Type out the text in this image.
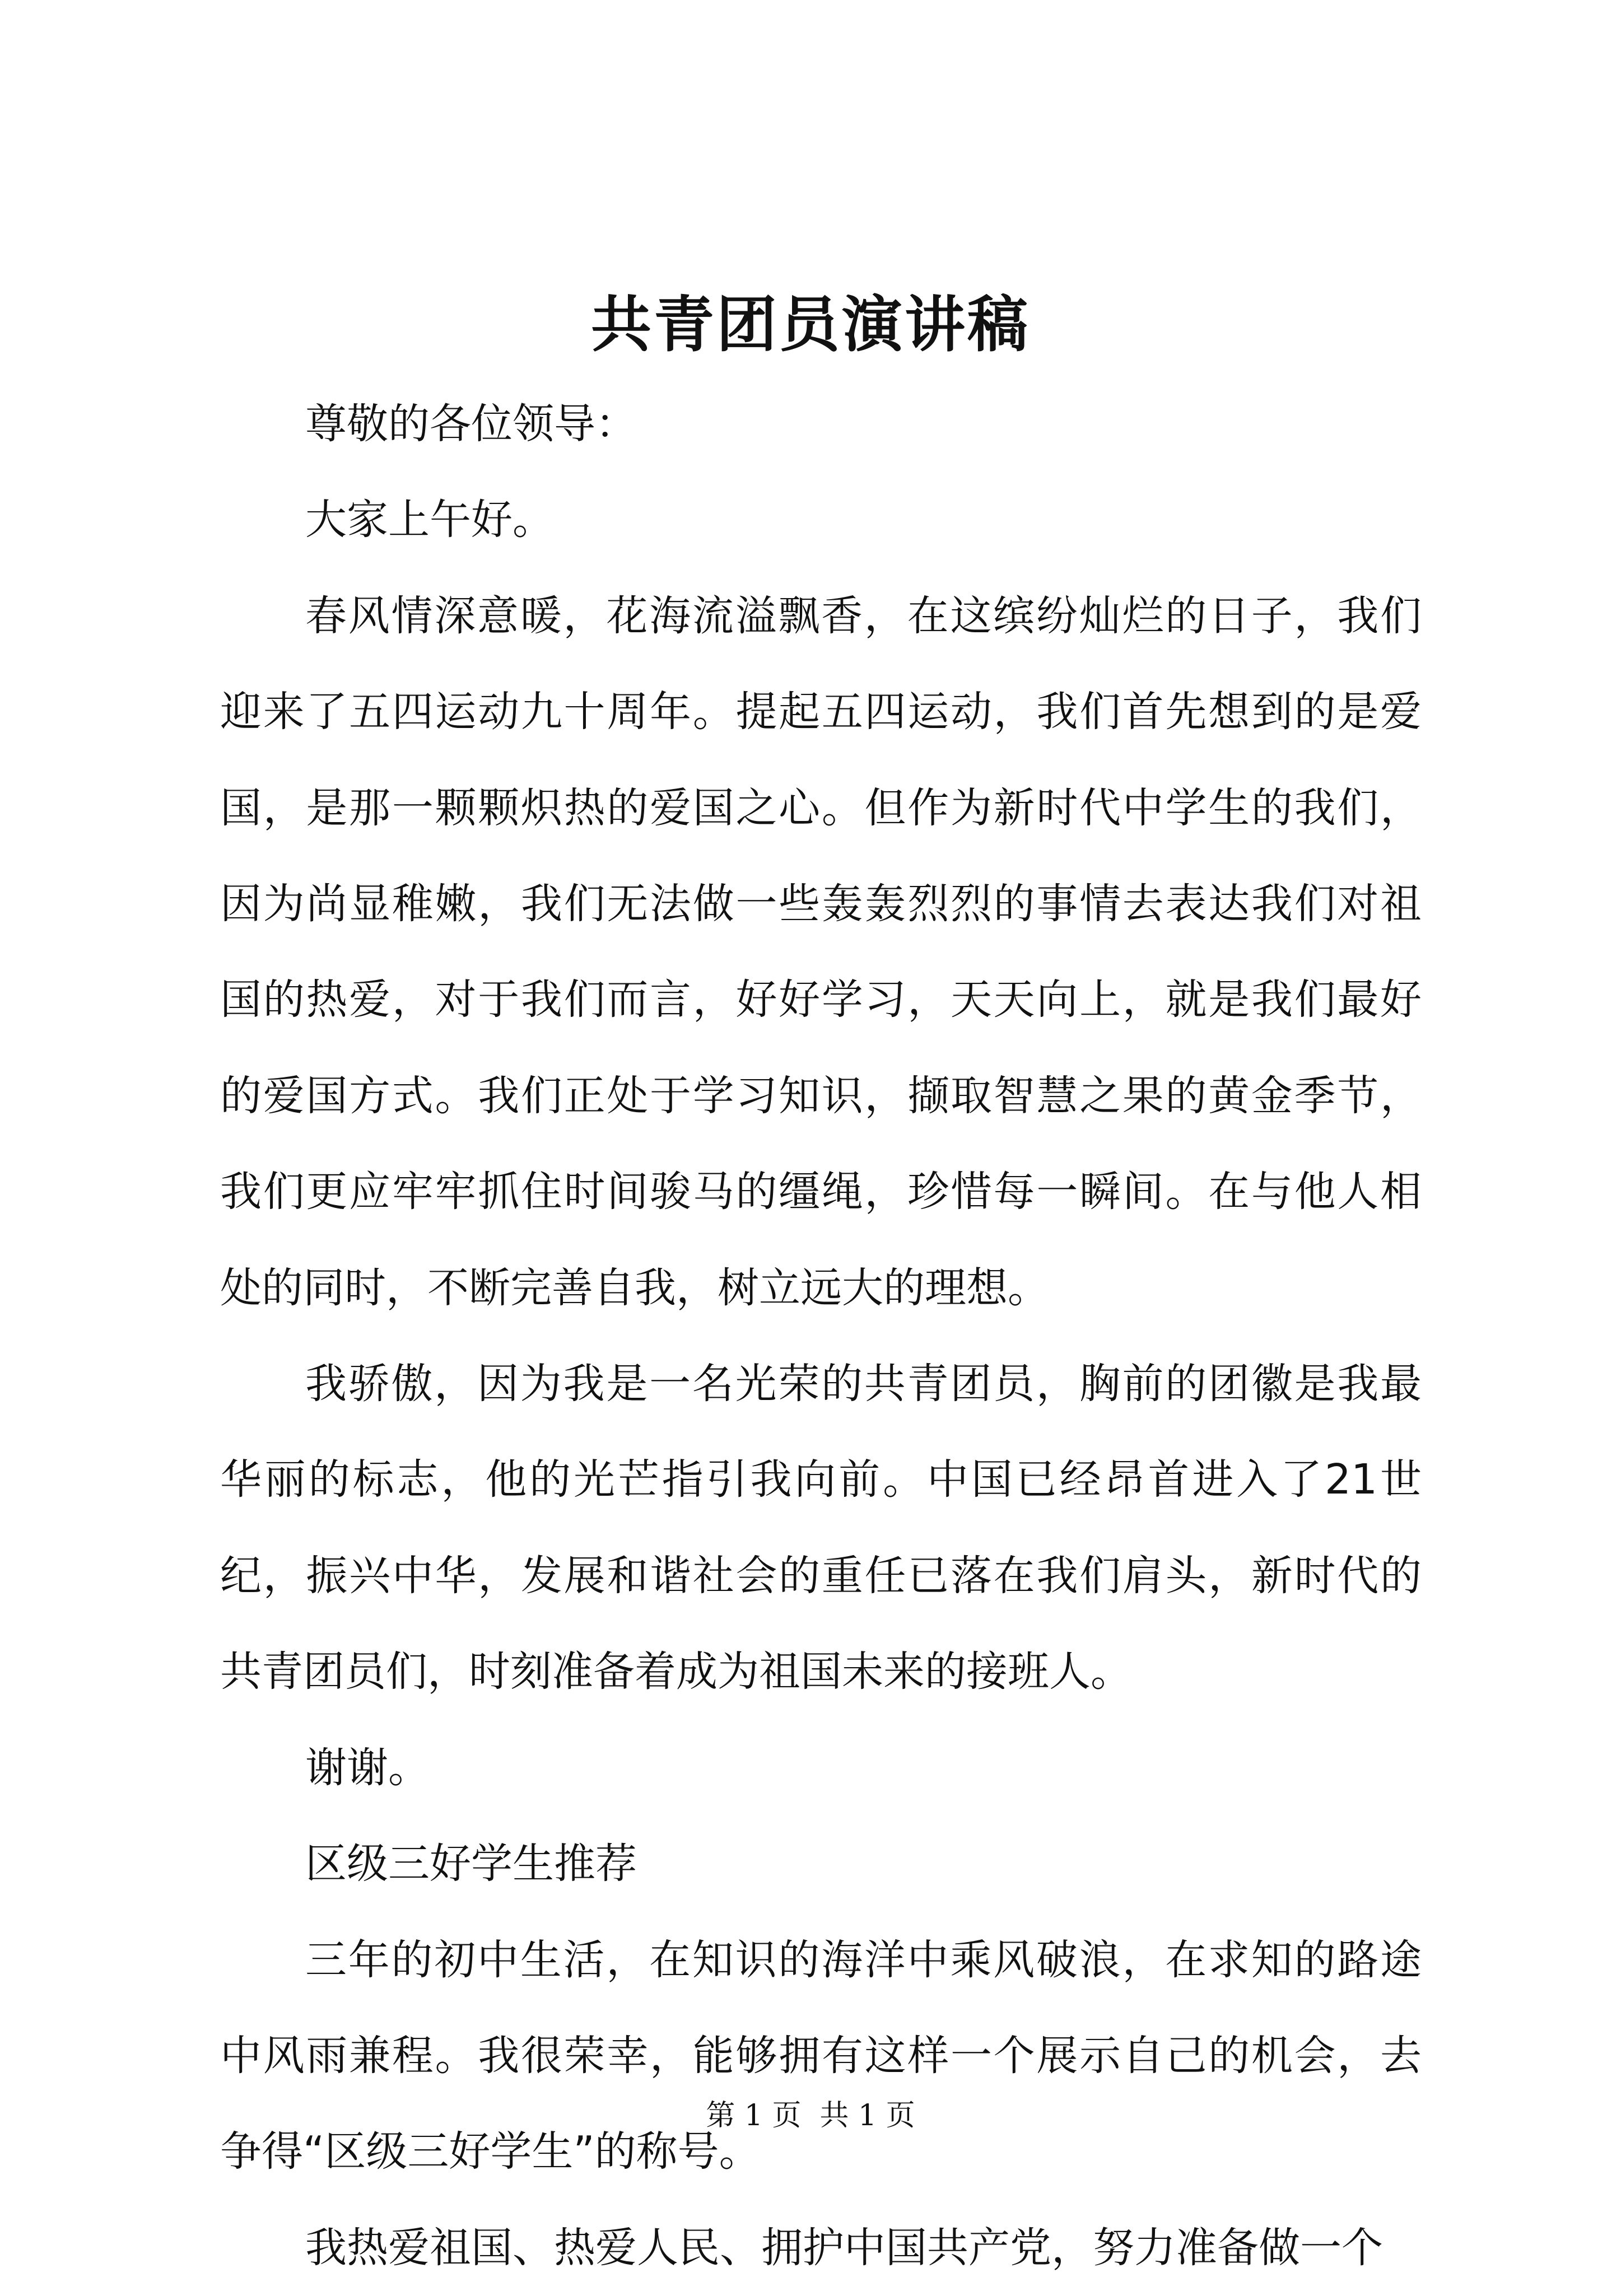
共青团员演讲稿

尊敬的各位领导：

大家上午好。

春风情深意暖，花海流溢飘香，在这缤纷灿烂的日子，我们迎来了五四运动九十周年。提起五四运动，我们首先想到的是爱国，是那一颗颗炽热的爱国之心。但作为新时代中学生的我们，因为尚显稚嫩，我们无法做一些轰轰烈烈的事情去表达我们对祖国的热爱，对于我们而言，好好学习，天天向上，就是我们最好的爱国方式。我们正处于学习知识，撷取智慧之果的黄金季节，我们更应牢牢抓住时间骏马的缰绳，珍惜每一瞬间。在与他人相处的同时，不断完善自我，树立远大的理想。

我骄傲，因为我是一名光荣的共青团员，胸前的团徽是我最华丽的标志，他的光芒指引我向前。中国已经昂首进入了21世纪，振兴中华，发展和谐社会的重任已落在我们肩头，新时代的共青团员们，时刻准备着成为祖国未来的接班人。

谢谢。

区级三好学生推荐

三年的初中生活，在知识的海洋中乘风破浪，在求知的路途中风雨兼程。我很荣幸，能够拥有这样一个展示自己的机会，去争得“区级三好学生”的称号。

我热爱祖国、热爱人民、拥护中国共产党，努力准备做一个

第 1 页  共 1 页
